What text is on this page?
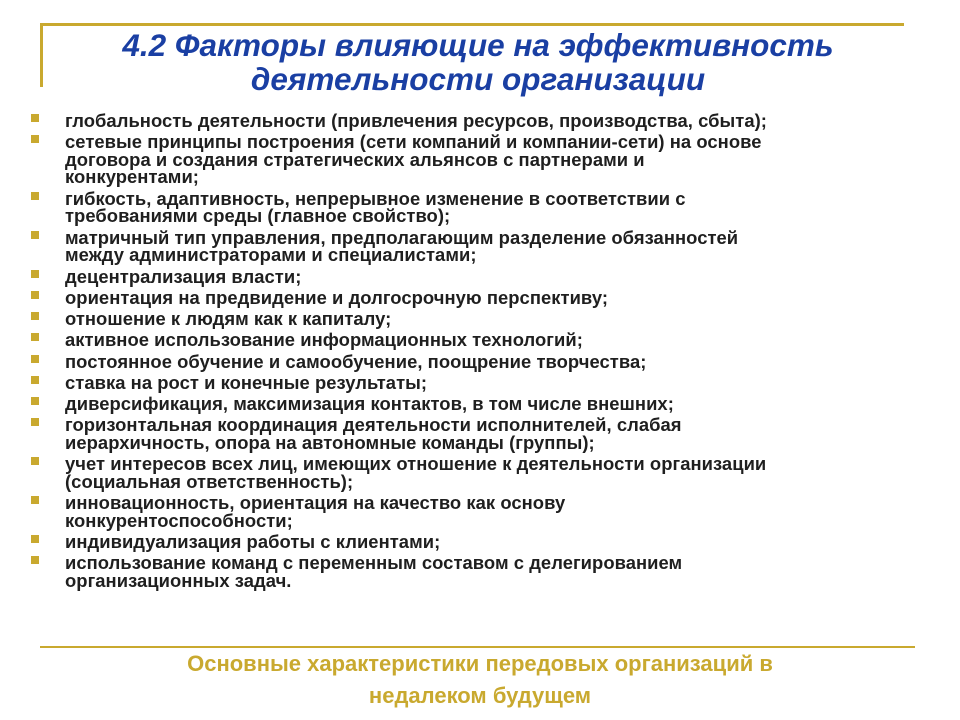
4.2 Факторы влияющие на эффективность
деятельности организации
глобальность деятельности (привлечения ресурсов, производства, сбыта);
сетевые принципы построения (сети компаний и компании-сети) на основе
договора и создания стратегических альянсов с партнерами и
конкурентами;
гибкость, адаптивность, непрерывное изменение в соответствии с
требованиями среды (главное свойство);
матричный тип управления, предполагающим разделение обязанностей
между администраторами и специалистами;
децентрализация власти;
ориентация на предвидение и долгосрочную перспективу;
отношение к людям как к капиталу;
активное использование информационных технологий;
постоянное обучение и самообучение, поощрение творчества;
ставка на рост и конечные результаты;
диверсификация, максимизация контактов, в том числе внешних;
горизонтальная координация деятельности исполнителей, слабая
иерархичность, опора на автономные команды (группы);
учет интересов всех лиц, имеющих отношение к деятельности организации
(социальная ответственность);
инновационность, ориентация на качество как основу
конкурентоспособности;
индивидуализация работы с клиентами;
использование команд с переменным составом с делегированием
организационных задач.

Основные характеристики передовых организаций в
недалеком будущем
